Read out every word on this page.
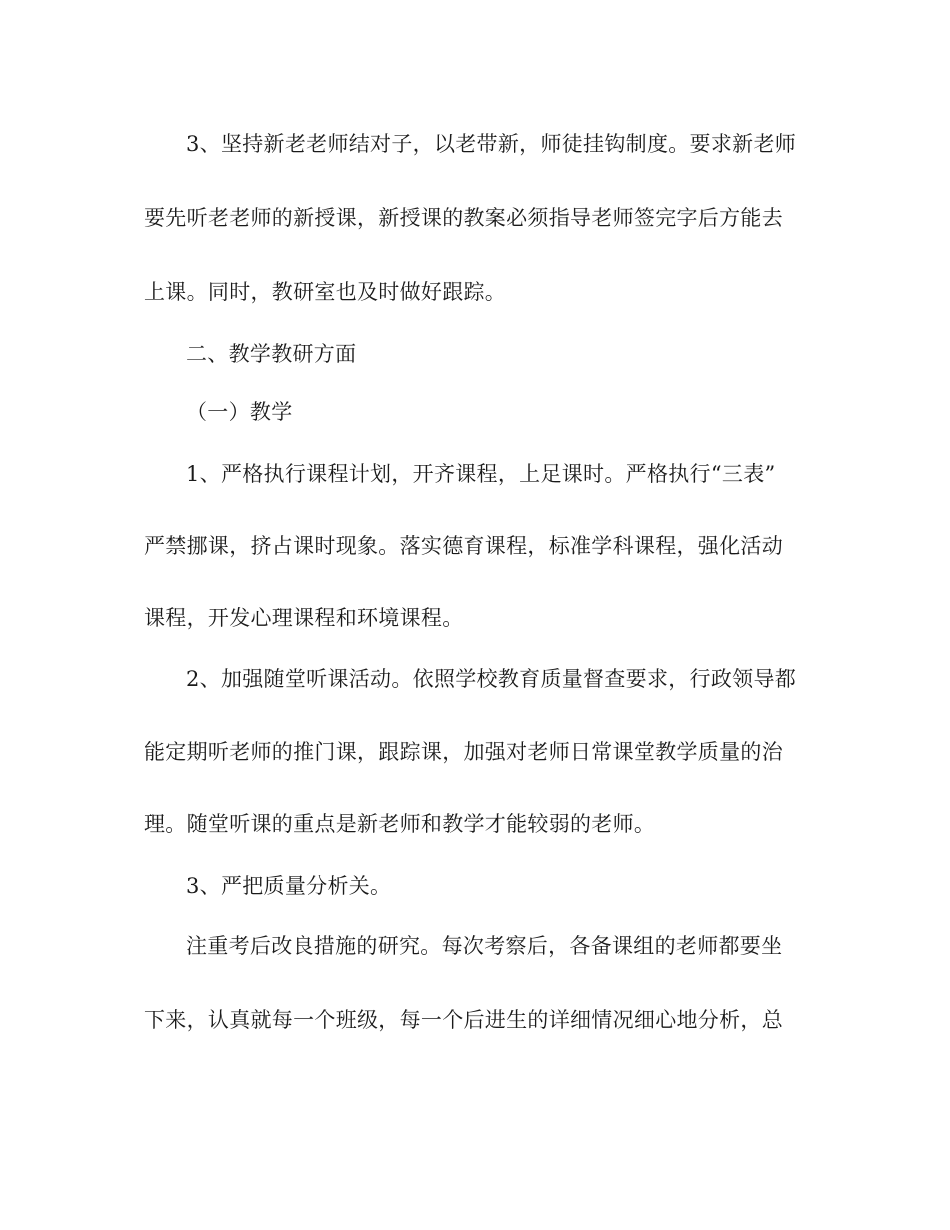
3、坚持新老老师结对子，以老带新，师徒挂钩制度。要求新老师
要先听老老师的新授课，新授课的教案必须指导老师签完字后方能去
上课。同时，教研室也及时做好跟踪。
二、教学教研方面
（一）教学
1、严格执行课程计划，开齐课程，上足课时。严格执行“三表”
严禁挪课，挤占课时现象。落实德育课程，标准学科课程，强化活动
课程，开发心理课程和环境课程。
2、加强随堂听课活动。依照学校教育质量督查要求，行政领导都
能定期听老师的推门课，跟踪课，加强对老师日常课堂教学质量的治
理。随堂听课的重点是新老师和教学才能较弱的老师。
3、严把质量分析关。
注重考后改良措施的研究。每次考察后，各备课组的老师都要坐
下来，认真就每一个班级，每一个后进生的详细情况细心地分析，总
